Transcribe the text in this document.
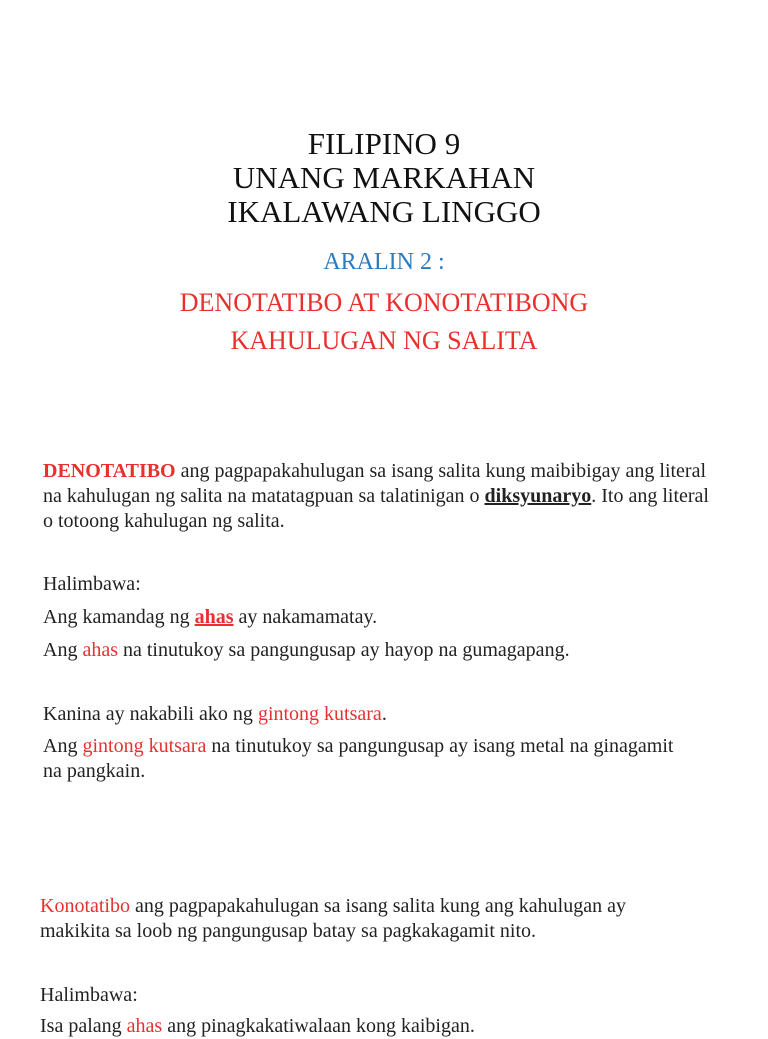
FILIPINO 9
UNANG MARKAHAN
IKALAWANG LINGGO
ARALIN 2 :
DENOTATIBO AT KONOTATIBONG
KAHULUGAN NG SALITA

DENOTATIBO ang pagpapakahulugan sa isang salita kung maibibigay ang literal na kahulugan ng salita na matatagpuan sa talatinigan o diksyunaryo. Ito ang literal o totoong kahulugan ng salita.

Halimbawa:

Ang kamandag ng ahas ay nakamamatay.

Ang ahas na tinutukoy sa pangungusap ay hayop na gumagapang.

Kanina ay nakabili ako ng gintong kutsara.

Ang gintong kutsara na tinutukoy sa pangungusap ay isang metal na ginagamit na pangkain.

Konotatibo ang pagpapakahulugan sa isang salita kung ang kahulugan ay makikita sa loob ng pangungusap batay sa pagkakagamit nito.

Halimbawa:

Isa palang ahas ang pinagkakatiwalaan kong kaibigan.
